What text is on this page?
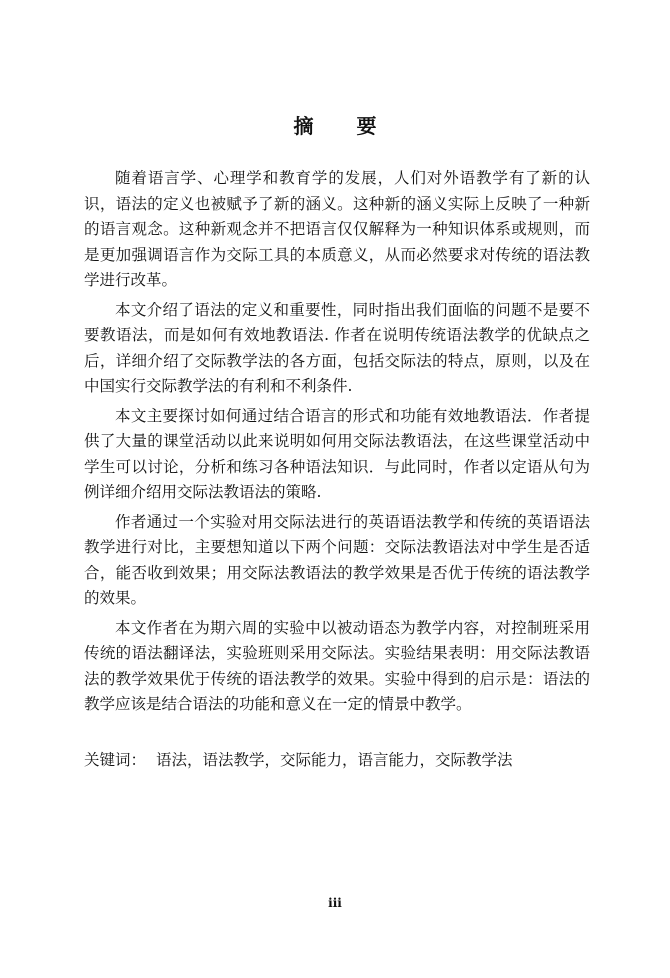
摘 要

随着语言学、心理学和教育学的发展，人们对外语教学有了新的认识，语法的定义也被赋予了新的涵义。这种新的涵义实际上反映了一种新的语言观念。这种新观念并不把语言仅仅解释为一种知识体系或规则，而是更加强调语言作为交际工具的本质意义，从而必然要求对传统的语法教学进行改革。

本文介绍了语法的定义和重要性，同时指出我们面临的问题不是要不要教语法，而是如何有效地教语法. 作者在说明传统语法教学的优缺点之后，详细介绍了交际教学法的各方面，包括交际法的特点，原则，以及在中国实行交际教学法的有利和不利条件.

本文主要探讨如何通过结合语言的形式和功能有效地教语法．作者提供了大量的课堂活动以此来说明如何用交际法教语法，在这些课堂活动中学生可以讨论，分析和练习各种语法知识．与此同时，作者以定语从句为例详细介绍用交际法教语法的策略.

作者通过一个实验对用交际法进行的英语语法教学和传统的英语语法教学进行对比，主要想知道以下两个问题：交际法教语法对中学生是否适合，能否收到效果；用交际法教语法的教学效果是否优于传统的语法教学的效果。

本文作者在为期六周的实验中以被动语态为教学内容，对控制班采用传统的语法翻译法，实验班则采用交际法。实验结果表明：用交际法教语法的教学效果优于传统的语法教学的效果。实验中得到的启示是：语法的教学应该是结合语法的功能和意义在一定的情景中教学。

关键词： 语法，语法教学，交际能力，语言能力，交际教学法
iii
